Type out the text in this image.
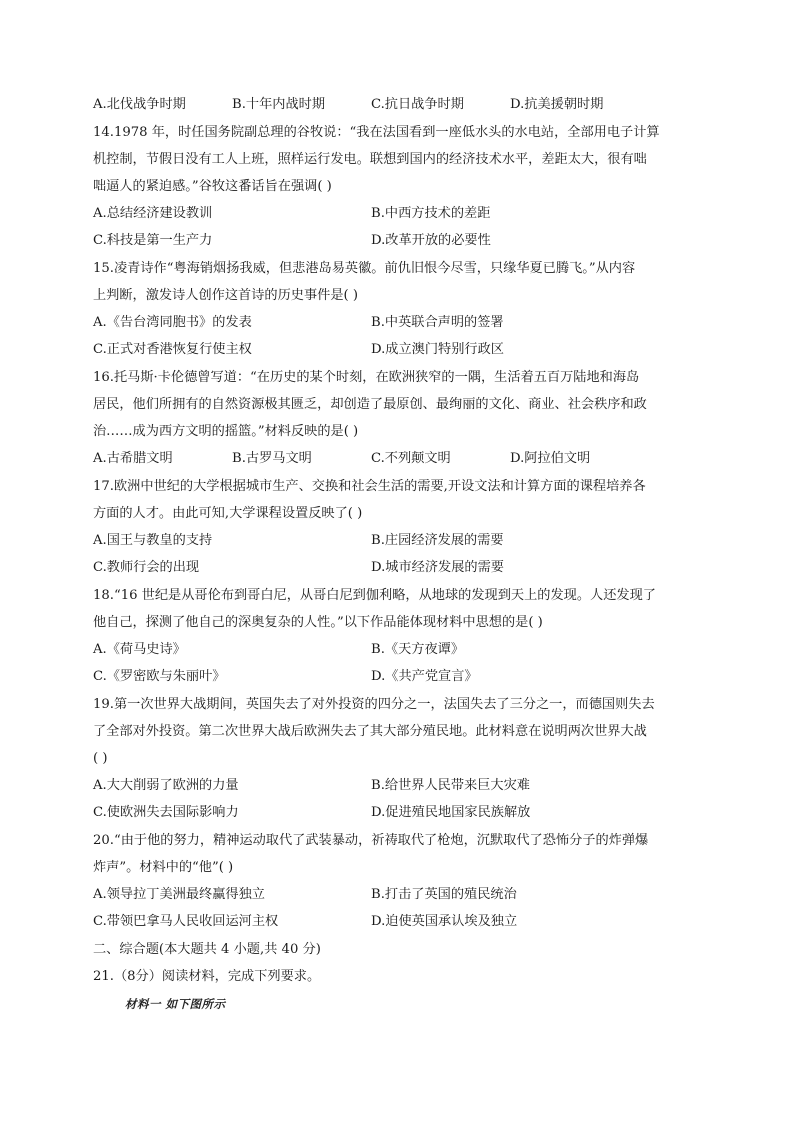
A.北伐战争时期	B.十年内战时期	C.抗日战争时期	D.抗美援朝时期
14.1978 年，时任国务院副总理的谷牧说：“我在法国看到一座低水头的水电站，全部用电子计算
机控制，节假日没有工人上班，照样运行发电。联想到国内的经济技术水平，差距太大，很有咄
咄逼人的紧迫感。”谷牧这番话旨在强调( )
A.总结经济建设教训	B.中西方技术的差距
C.科技是第一生产力	D.改革开放的必要性
15.凌青诗作“粤海销烟扬我威，但悲港岛易英徽。前仇旧恨今尽雪，只缘华夏已腾飞。”从内容
上判断，激发诗人创作这首诗的历史事件是( )
A.《告台湾同胞书》的发表	B.中英联合声明的签署
C.正式对香港恢复行使主权	D.成立澳门特别行政区
16.托马斯·卡伦德曾写道：“在历史的某个时刻，在欧洲狭窄的一隅，生活着五百万陆地和海岛
居民，他们所拥有的自然资源极其匮乏，却创造了最原创、最绚丽的文化、商业、社会秩序和政
治……成为西方文明的摇篮。”材料反映的是( )
A.古希腊文明	B.古罗马文明	C.不列颠文明	D.阿拉伯文明
17.欧洲中世纪的大学根据城市生产、交换和社会生活的需要,开设文法和计算方面的课程培养各
方面的人才。由此可知,大学课程设置反映了( )
A.国王与教皇的支持	B.庄园经济发展的需要
C.教师行会的出现	D.城市经济发展的需要
18.“16 世纪是从哥伦布到哥白尼，从哥白尼到伽利略，从地球的发现到天上的发现。人还发现了
他自己，探测了他自己的深奥复杂的人性。”以下作品能体现材料中思想的是( )
A.《荷马史诗》	B.《天方夜谭》
C.《罗密欧与朱丽叶》	D.《共产党宣言》
19.第一次世界大战期间，英国失去了对外投资的四分之一，法国失去了三分之一，而德国则失去
了全部对外投资。第二次世界大战后欧洲失去了其大部分殖民地。此材料意在说明两次世界大战
( )
A.大大削弱了欧洲的力量	B.给世界人民带来巨大灾难
C.使欧洲失去国际影响力	D.促进殖民地国家民族解放
20.“由于他的努力，精神运动取代了武装暴动，祈祷取代了枪炮，沉默取代了恐怖分子的炸弹爆
炸声”。材料中的“他”( )
A.领导拉丁美洲最终赢得独立	B.打击了英国的殖民统治
C.带领巴拿马人民收回运河主权	D.迫使英国承认埃及独立
二、综合题(本大题共 4 小题,共 40 分)
21.（8分）阅读材料，完成下列要求。
材料一 如下图所示
